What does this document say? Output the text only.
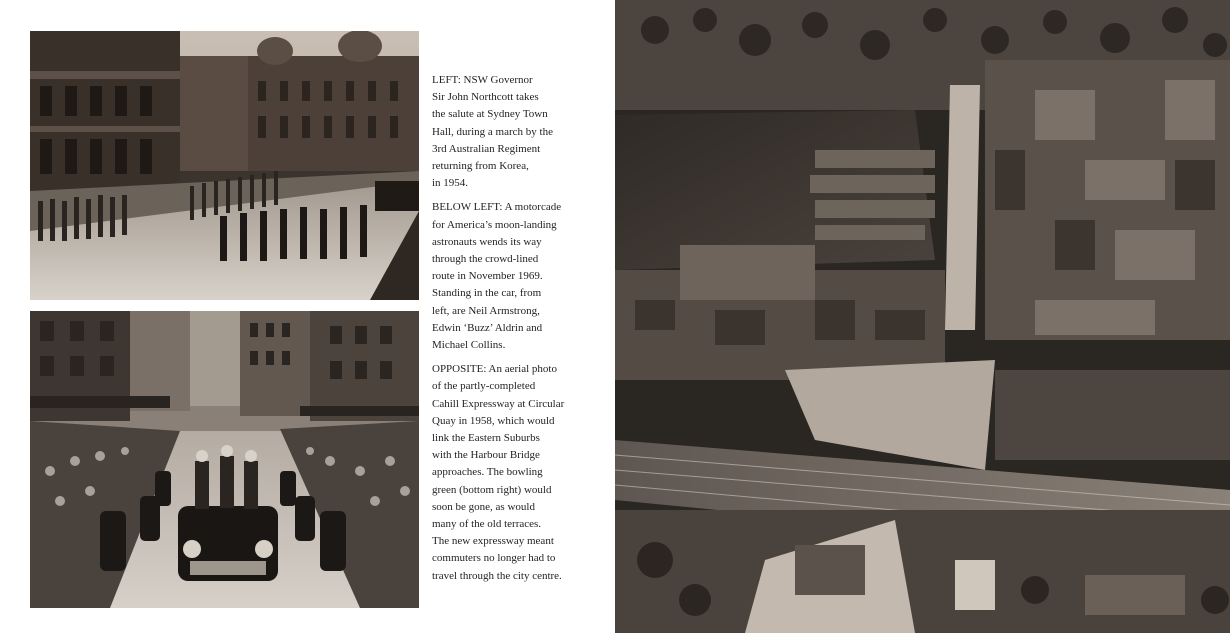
LEFT: NSW Governor
Sir John Northcott takes
the salute at Sydney Town
Hall, during a march by the
3rd Australian Regiment
returning from Korea,
in 1954.

BELOW LEFT: A motorcade
for America’s moon-landing
astronauts wends its way
through the crowd-lined
route in November 1969.
Standing in the car, from
left, are Neil Armstrong,
Edwin ‘Buzz’ Aldrin and
Michael Collins.

OPPOSITE: An aerial photo
of the partly-completed
Cahill Expressway at Circular
Quay in 1958, which would
link the Eastern Suburbs
with the Harbour Bridge
approaches. The bowling
green (bottom right) would
soon be gone, as would
many of the old terraces.
The new expressway meant
commuters no longer had to
travel through the city centre.
